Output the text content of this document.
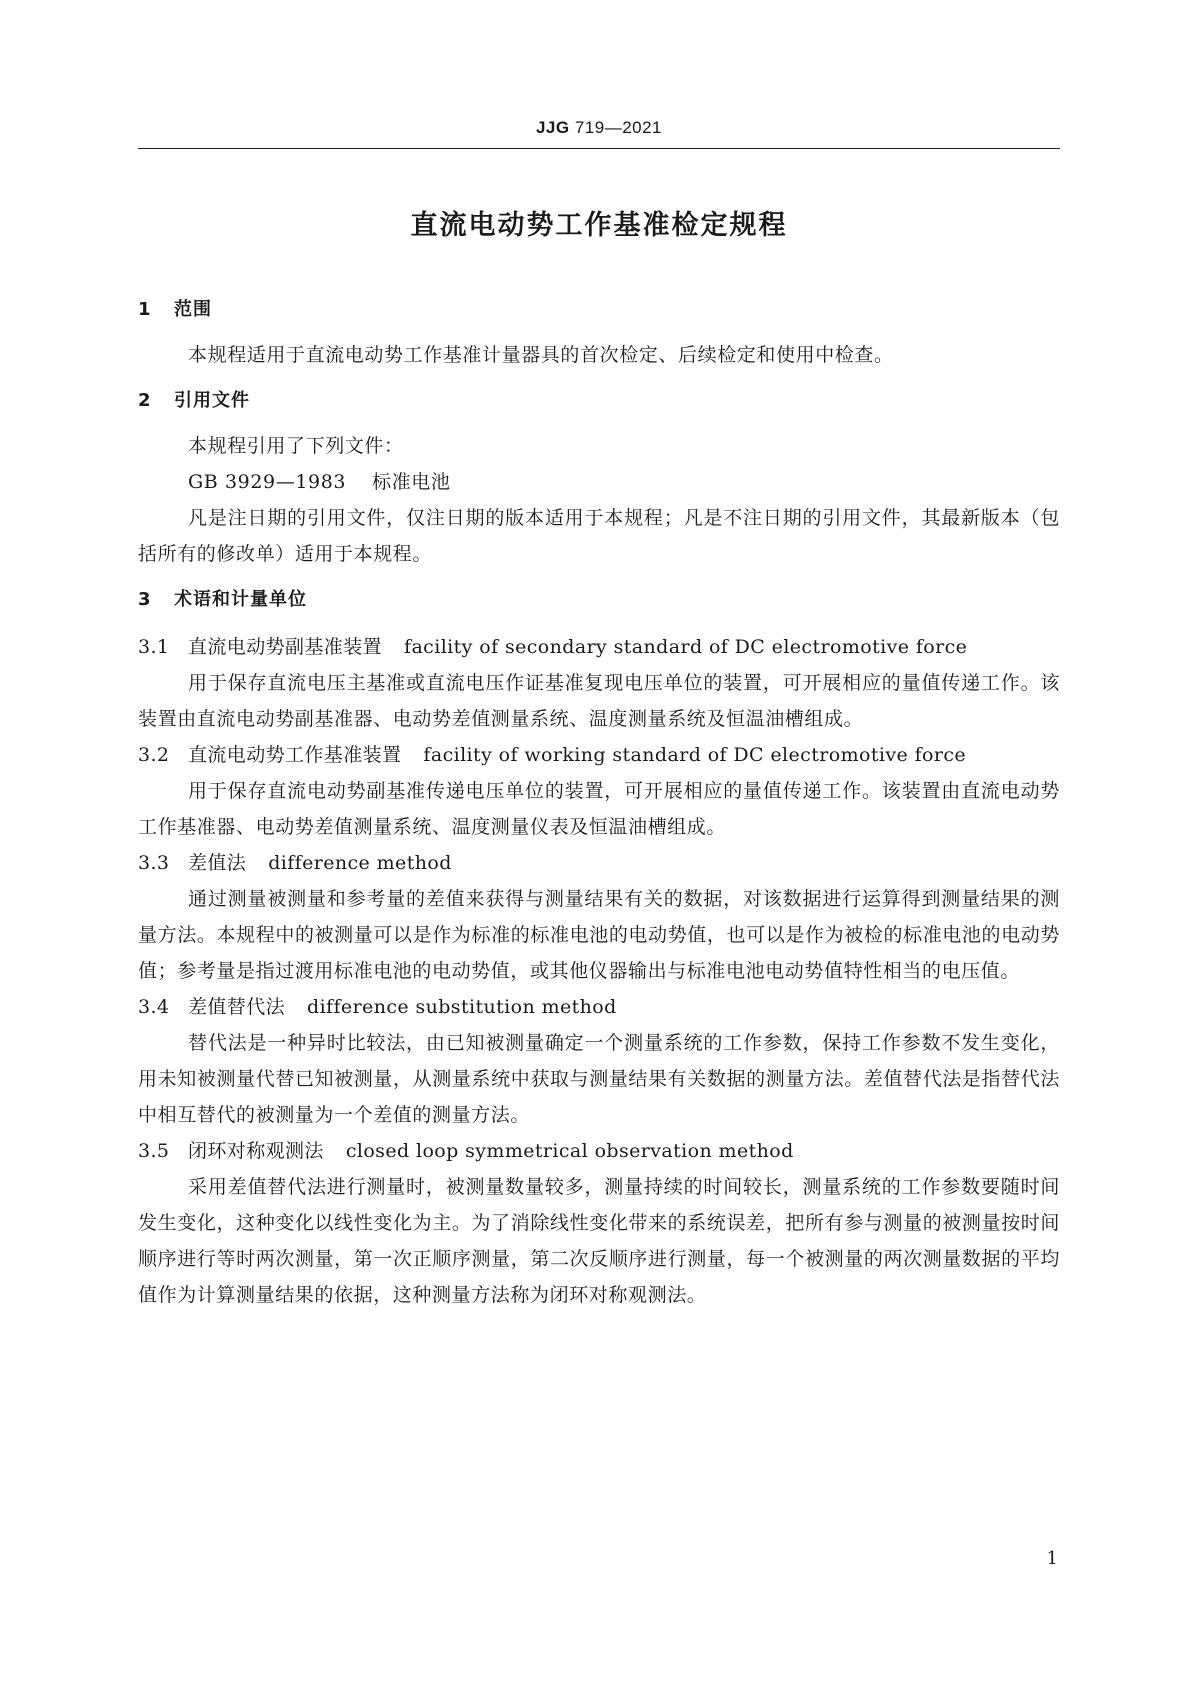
JJG 719—2021
直流电动势工作基准检定规程
1	范围
本规程适用于直流电动势工作基准计量器具的首次检定、后续检定和使用中检查。
2	引用文件
本规程引用了下列文件：
GB 3929—1983 标准电池
凡是注日期的引用文件，仅注日期的版本适用于本规程；凡是不注日期的引用文件，其最新版本（包括所有的修改单）适用于本规程。
3	术语和计量单位
3.1 直流电动势副基准装置 facility of secondary standard of DC electromotive force
用于保存直流电压主基准或直流电压作证基准复现电压单位的装置，可开展相应的量值传递工作。该装置由直流电动势副基准器、电动势差值测量系统、温度测量系统及恒温油槽组成。
3.2 直流电动势工作基准装置 facility of working standard of DC electromotive force
用于保存直流电动势副基准传递电压单位的装置，可开展相应的量值传递工作。该装置由直流电动势工作基准器、电动势差值测量系统、温度测量仪表及恒温油槽组成。
3.3 差值法 difference method
通过测量被测量和参考量的差值来获得与测量结果有关的数据，对该数据进行运算得到测量结果的测量方法。本规程中的被测量可以是作为标准的标准电池的电动势值，也可以是作为被检的标准电池的电动势值；参考量是指过渡用标准电池的电动势值，或其他仪器输出与标准电池电动势值特性相当的电压值。
3.4 差值替代法 difference substitution method
替代法是一种异时比较法，由已知被测量确定一个测量系统的工作参数，保持工作参数不发生变化，用未知被测量代替已知被测量，从测量系统中获取与测量结果有关数据的测量方法。差值替代法是指替代法中相互替代的被测量为一个差值的测量方法。
3.5 闭环对称观测法 closed loop symmetrical observation method
采用差值替代法进行测量时，被测量数量较多，测量持续的时间较长，测量系统的工作参数要随时间发生变化，这种变化以线性变化为主。为了消除线性变化带来的系统误差，把所有参与测量的被测量按时间顺序进行等时两次测量，第一次正顺序测量，第二次反顺序进行测量，每一个被测量的两次测量数据的平均值作为计算测量结果的依据，这种测量方法称为闭环对称观测法。
1
